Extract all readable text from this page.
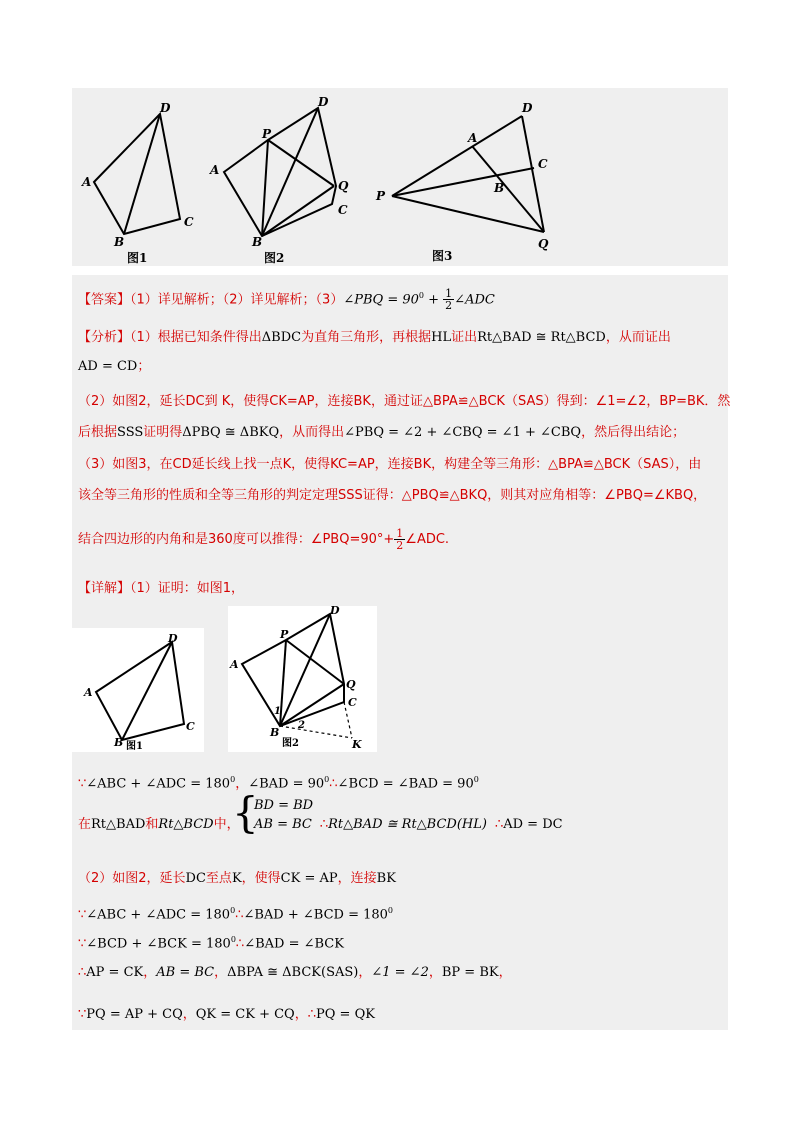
A
D
C
B
图1
A
P
D
Q
C
B
图2
P
A
D
C
B
Q
图3
【答案】（1）详见解析；（2）详见解析；（3）∠PBQ = $90^0 + \frac{1}{2}$ ∠ADC
【分析】（1）根据已知条件得出ΔBDC为直角三角形，再根据HL证出Rt△BAD ≅ Rt△BCD，从而证出
AD = CD；
（2）如图2，延长DC到 K，使得CK=AP，连接BK，通过证△BPA≌△BCK（SAS）得到：∠1=∠2，BP=BK．然
后根据SSS证明得ΔPBQ ≅ ΔBKQ，从而得出∠PBQ = ∠2 + ∠CBQ = ∠1 + ∠CBQ，然后得出结论；
（3）如图3，在CD延长线上找一点K，使得KC=AP，连接BK，构建全等三角形：△BPA≌△BCK（SAS），由
该全等三角形的性质和全等三角形的判定定理SSS证得：△PBQ≌△BKQ，则其对应角相等：∠PBQ=∠KBQ，
结合四边形的内角和是360度可以推得：∠PBQ=90°+ $\frac{1}{2}$ ∠ADC.
【详解】（1）证明：如图1，
A
D
C
B 图1
A
P
D
Q
C
1
2
B
K
图2
∵∠ABC + ∠ADC = $180^0$，∠BAD = $90^0\therefore\angle BCD$ = ∠BAD = $90^0$
在Rt△BAD和Rt△BCD中，
{
BD = BD
AB = BC ∴Rt△BAD ≅ Rt△BCD(HL) ∴AD = DC
（2）如图2，延长DC至点K，使得CK = AP，连接BK
∵∠ABC + ∠ADC = $180^0\therefore\angle BAD$ + ∠BCD = $180^0$
∵∠BCD + ∠BCK = $180^0\therefore\angle BAD$ = ∠BCK
∴AP = CK，AB = BC，ΔBPA ≅ ΔBCK(SAS)，∠1 = ∠2，BP = BK，
∵PQ = AP + CQ，QK = CK + CQ，∴PQ = QK
